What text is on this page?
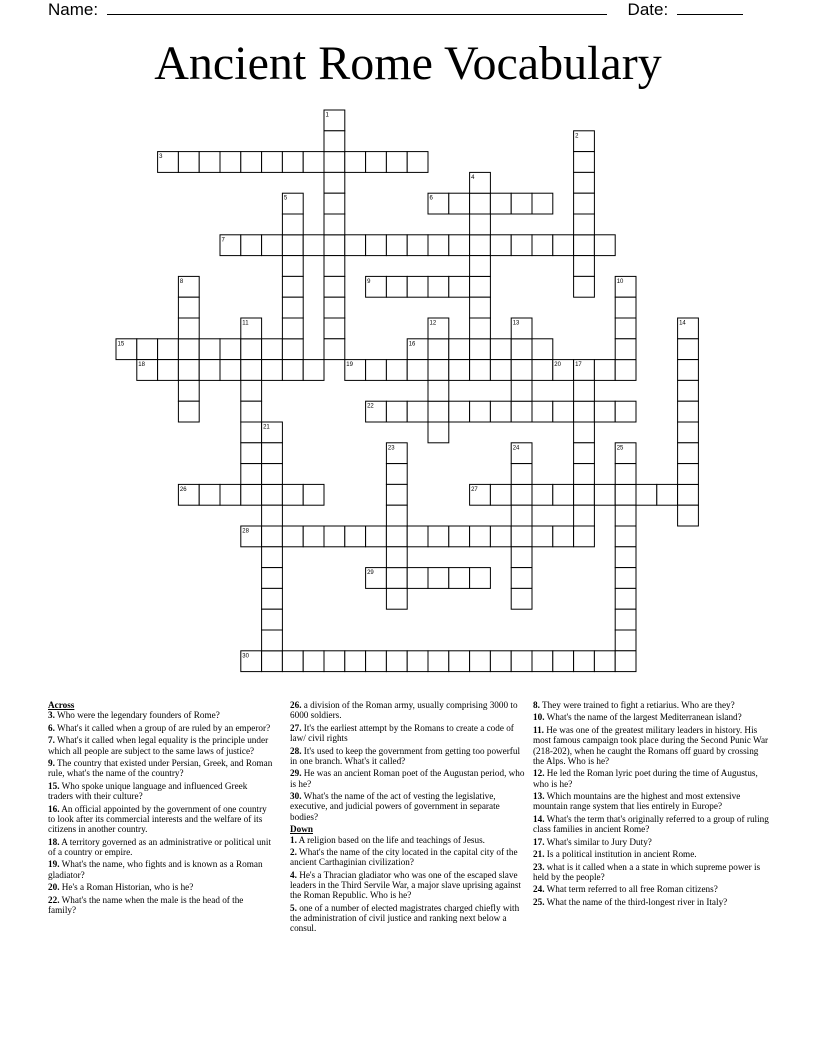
Name:	Date:
Ancient Rome Vocabulary
3
6
7
9
15	16
18	19	20
22
26	27
28
29
30
1
2
4
5
8	10
11	12	13	14
17
21
23	24	25
Across
3. Who were the legendary founders of Rome?
6. What's it called when a group of are ruled by an emperor?
7. What's it called when legal equality is the principle under which all people are subject to the same laws of justice?
9. The country that existed under Persian, Greek, and Roman rule, what's the name of the country?
15. Who spoke unique language and influenced Greek traders with their culture?
16. An official appointed by the government of one country to look after its commercial interests and the welfare of its citizens in another country.
18. A territory governed as an administrative or political unit of a country or empire.
19. What's the name, who fights and is known as a Roman gladiator?
20. He's a Roman Historian, who is he?
22. What's the name when the male is the head of the family?
26. a division of the Roman army, usually comprising 3000 to 6000 soldiers.
27. It's the earliest attempt by the Romans to create a code of law/ civil rights
28. It's used to keep the government from getting too powerful in one branch. What's it called?
29. He was an ancient Roman poet of the Augustan period, who is he?
30. What's the name of the act of vesting the legislative, executive, and judicial powers of government in separate bodies?
Down
1. A religion based on the life and teachings of Jesus.
2. What's the name of the city located in the capital city of the ancient Carthaginian civilization?
4. He's a Thracian gladiator who was one of the escaped slave leaders in the Third Servile War, a major slave uprising against the Roman Republic. Who is he?
5. one of a number of elected magistrates charged chiefly with the administration of civil justice and ranking next below a consul.
8. They were trained to fight a retiarius. Who are they?
10. What's the name of the largest Mediterranean island?
11. He was one of the greatest military leaders in history. His most famous campaign took place during the Second Punic War (218-202), when he caught the Romans off guard by crossing the Alps. Who is he?
12. He led the Roman lyric poet during the time of Augustus, who is he?
13. Which mountains are the highest and most extensive mountain range system that lies entirely in Europe?
14. What's the term that's originally referred to a group of ruling class families in ancient Rome?
17. What's similar to Jury Duty?
21. Is a political institution in ancient Rome.
23. what is it called when a a state in which supreme power is held by the people?
24. What term referred to all free Roman citizens?
25. What the name of the third-longest river in Italy?
